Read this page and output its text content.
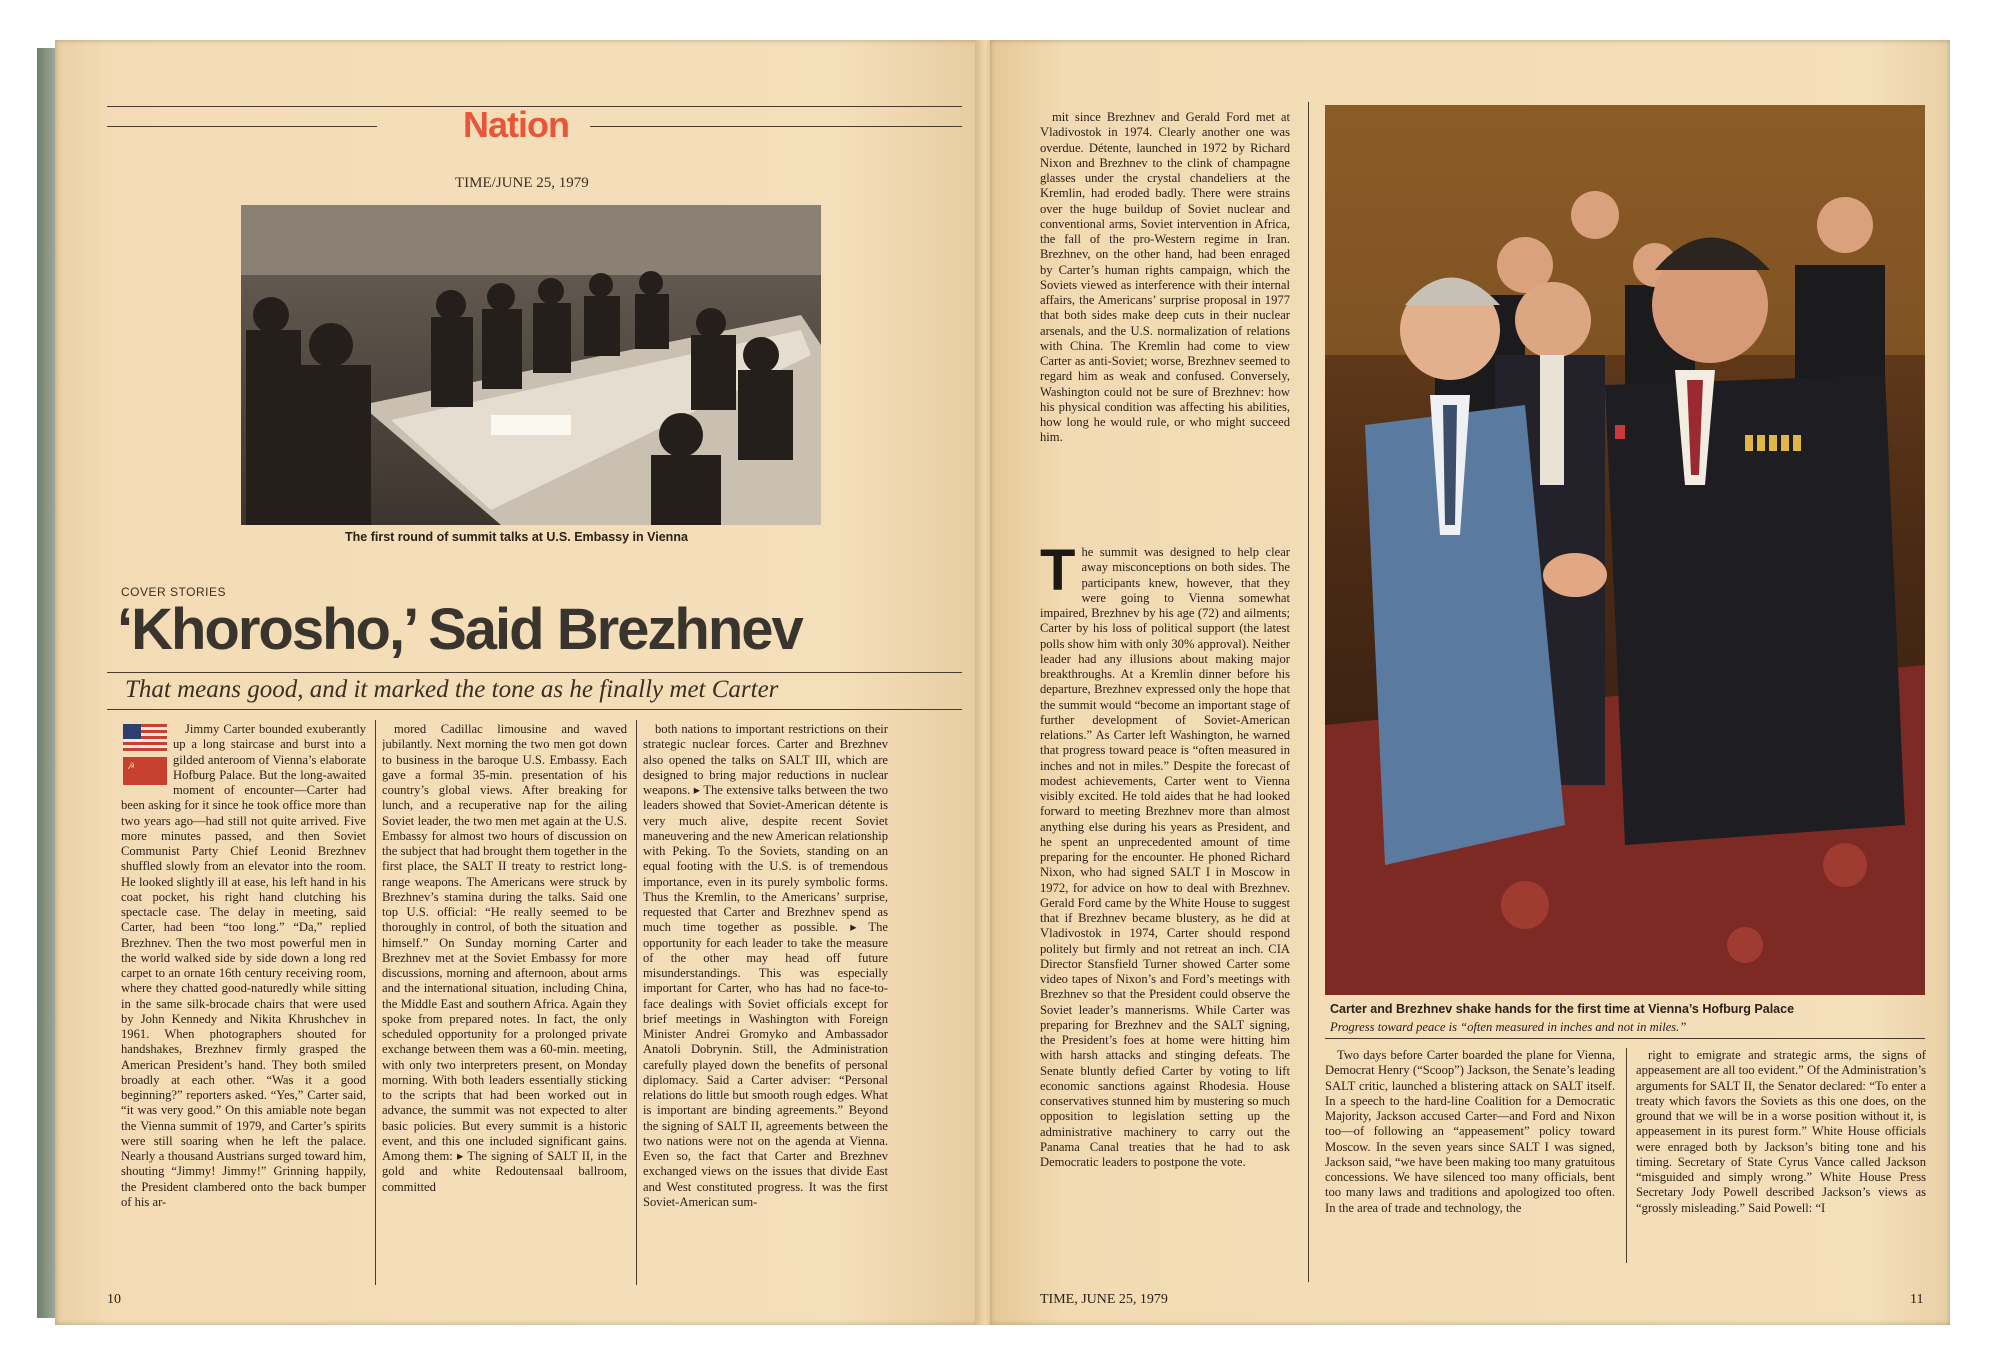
Nation
TIME/JUNE 25, 1979
The first round of summit talks at U.S. Embassy in Vienna
COVER STORIES
‘Khorosho,’ Said Brezhnev
That means good, and it marked the tone as he finally met Carter
☭

Jimmy Carter bounded exuberantly up a long staircase and burst into a gilded anteroom of Vienna’s elaborate Hofburg Palace. But the long-awaited moment of encounter—Carter had been asking for it since he took office more than two years ago—had still not quite arrived. Five more minutes passed, and then Soviet Communist Party Chief Leonid Brezhnev shuffled slowly from an elevator into the room. He looked slightly ill at ease, his left hand in his coat pocket, his right hand clutching his spectacle case. The delay in meeting, said Carter, had been “too long.” “Da,” replied Brezhnev. Then the two most powerful men in the world walked side by side down a long red carpet to an ornate 16th century receiving room, where they chatted good-naturedly while sitting in the same silk-brocade chairs that were used by John Kennedy and Nikita Khrushchev in 1961. When photographers shouted for handshakes, Brezhnev firmly grasped the American President’s hand. They both smiled broadly at each other. “Was it a good beginning?” reporters asked. “Yes,” Carter said, “it was very good.” On this amiable note began the Vienna summit of 1979, and Carter’s spirits were still soaring when he left the palace. Nearly a thousand Austrians surged toward him, shouting “Jimmy! Jimmy!” Grinning happily, the President clambered onto the back bumper of his ar-

mored Cadillac limousine and waved jubilantly. Next morning the two men got down to business in the baroque U.S. Embassy. Each gave a formal 35-min. presentation of his country’s global views. After breaking for lunch, and a recuperative nap for the ailing Soviet leader, the two men met again at the U.S. Embassy for almost two hours of discussion on the subject that had brought them together in the first place, the SALT II treaty to restrict long-range weapons. The Americans were struck by Brezhnev’s stamina during the talks. Said one top U.S. official: “He really seemed to be thoroughly in control, of both the situation and himself.” On Sunday morning Carter and Brezhnev met at the Soviet Embassy for more discussions, morning and afternoon, about arms and the international situation, including China, the Middle East and southern Africa. Again they spoke from prepared notes. In fact, the only scheduled opportunity for a prolonged private exchange between them was a 60-min. meeting, with only two interpreters present, on Monday morning. With both leaders essentially sticking to the scripts that had been worked out in advance, the summit was not expected to alter basic policies. But every summit is a historic event, and this one included significant gains. Among them: ▸ The signing of SALT II, in the gold and white Redoutensaal ballroom, committed

both nations to important restrictions on their strategic nuclear forces. Carter and Brezhnev also opened the talks on SALT III, which are designed to bring major reductions in nuclear weapons. ▸ The extensive talks between the two leaders showed that Soviet-American détente is very much alive, despite recent Soviet maneuvering and the new American relationship with Peking. To the Soviets, standing on an equal footing with the U.S. is of tremendous importance, even in its purely symbolic forms. Thus the Kremlin, to the Americans’ surprise, requested that Carter and Brezhnev spend as much time together as possible. ▸ The opportunity for each leader to take the measure of the other may head off future misunderstandings. This was especially important for Carter, who has had no face-to-face dealings with Soviet officials except for brief meetings in Washington with Foreign Minister Andrei Gromyko and Ambassador Anatoli Dobrynin. Still, the Administration carefully played down the benefits of personal diplomacy. Said a Carter adviser: “Personal relations do little but smooth rough edges. What is important are binding agreements.” Beyond the signing of SALT II, agreements between the two nations were not on the agenda at Vienna. Even so, the fact that Carter and Brezhnev exchanged views on the issues that divide East and West constituted progress. It was the first Soviet-American sum-

10

mit since Brezhnev and Gerald Ford met at Vladivostok in 1974. Clearly another one was overdue. Détente, launched in 1972 by Richard Nixon and Brezhnev to the clink of champagne glasses under the crystal chandeliers at the Kremlin, had eroded badly. There were strains over the huge buildup of Soviet nuclear and conventional arms, Soviet intervention in Africa, the fall of the pro-Western regime in Iran. Brezhnev, on the other hand, had been enraged by Carter’s human rights campaign, which the Soviets viewed as interference with their internal affairs, the Americans’ surprise proposal in 1977 that both sides make deep cuts in their nuclear arsenals, and the U.S. normalization of relations with China. The Kremlin had come to view Carter as anti-Soviet; worse, Brezhnev seemed to regard him as weak and confused. Conversely, Washington could not be sure of Brezhnev: how his physical condition was affecting his abilities, how long he would rule, or who might succeed him.

T he summit was designed to help clear away misconceptions on both sides. The participants knew, however, that they were going to Vienna somewhat impaired, Brezhnev by his age (72) and ailments; Carter by his loss of political support (the latest polls show him with only 30% approval). Neither leader had any illusions about making major breakthroughs. At a Kremlin dinner before his departure, Brezhnev expressed only the hope that the summit would “become an important stage of further development of Soviet-American relations.” As Carter left Washington, he warned that progress toward peace is “often measured in inches and not in miles.” Despite the forecast of modest achievements, Carter went to Vienna visibly excited. He told aides that he had looked forward to meeting Brezhnev more than almost anything else during his years as President, and he spent an unprecedented amount of time preparing for the encounter. He phoned Richard Nixon, who had signed SALT I in Moscow in 1972, for advice on how to deal with Brezhnev. Gerald Ford came by the White House to suggest that if Brezhnev became blustery, as he did at Vladivostok in 1974, Carter should respond politely but firmly and not retreat an inch. CIA Director Stansfield Turner showed Carter some video tapes of Nixon’s and Ford’s meetings with Brezhnev so that the President could observe the Soviet leader’s mannerisms. While Carter was preparing for Brezhnev and the SALT signing, the President’s foes at home were hitting him with harsh attacks and stinging defeats. The Senate bluntly defied Carter by voting to lift economic sanctions against Rhodesia. House conservatives stunned him by mustering so much opposition to legislation setting up the administrative machinery to carry out the Panama Canal treaties that he had to ask Democratic leaders to postpone the vote.

Carter and Brezhnev shake hands for the first time at Vienna’s Hofburg Palace
Progress toward peace is “often measured in inches and not in miles.”

Two days before Carter boarded the plane for Vienna, Democrat Henry (“Scoop”) Jackson, the Senate’s leading SALT critic, launched a blistering attack on SALT itself. In a speech to the hard-line Coalition for a Democratic Majority, Jackson accused Carter—and Ford and Nixon too—of following an “appeasement” policy toward Moscow. In the seven years since SALT I was signed, Jackson said, “we have been making too many gratuitous concessions. We have silenced too many officials, bent too many laws and traditions and apologized too often. In the area of trade and technology, the

right to emigrate and strategic arms, the signs of appeasement are all too evident.” Of the Administration’s arguments for SALT II, the Senator declared: “To enter a treaty which favors the Soviets as this one does, on the ground that we will be in a worse position without it, is appeasement in its purest form.” White House officials were enraged both by Jackson’s biting tone and his timing. Secretary of State Cyrus Vance called Jackson “misguided and simply wrong.” White House Press Secretary Jody Powell described Jackson’s views as “grossly misleading.” Said Powell: “I

TIME, JUNE 25, 1979	11
